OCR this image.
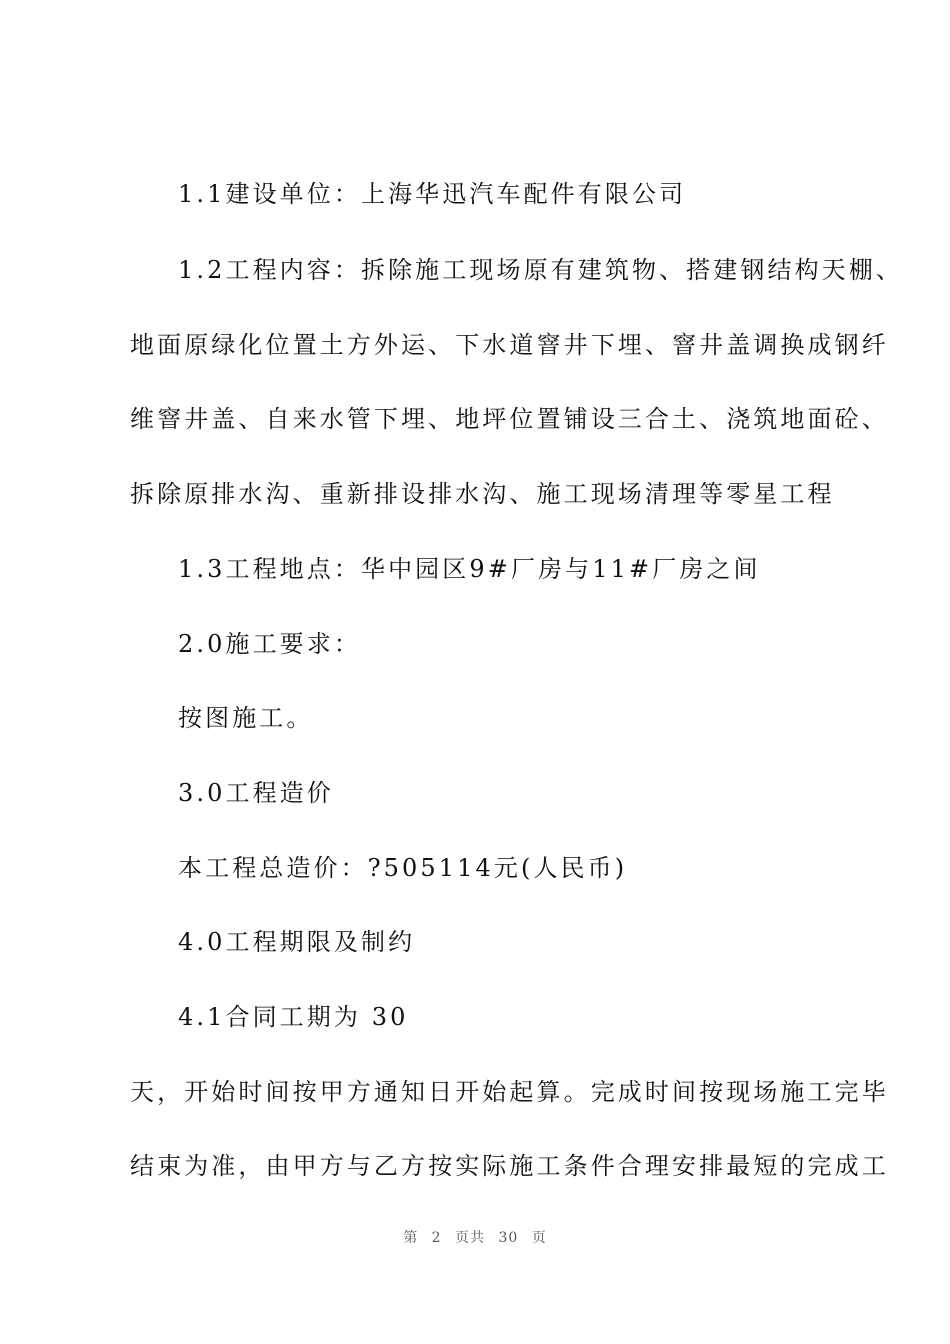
1.1建设单位：上海华迅汽车配件有限公司
1.2工程内容：拆除施工现场原有建筑物、搭建钢结构天棚、
地面原绿化位置土方外运、下水道窨井下埋、窨井盖调换成钢纤
维窨井盖、自来水管下埋、地坪位置铺设三合土、浇筑地面砼、
拆除原排水沟、重新排设排水沟、施工现场清理等零星工程
1.3工程地点：华中园区9#厂房与11#厂房之间
2.0施工要求：
按图施工。
3.0工程造价
本工程总造价：?505114元(人民币)
4.0工程期限及制约
4.1合同工期为 30
天，开始时间按甲方通知日开始起算。完成时间按现场施工完毕
结束为准，由甲方与乙方按实际施工条件合理安排最短的完成工
第 2 页共 30 页
